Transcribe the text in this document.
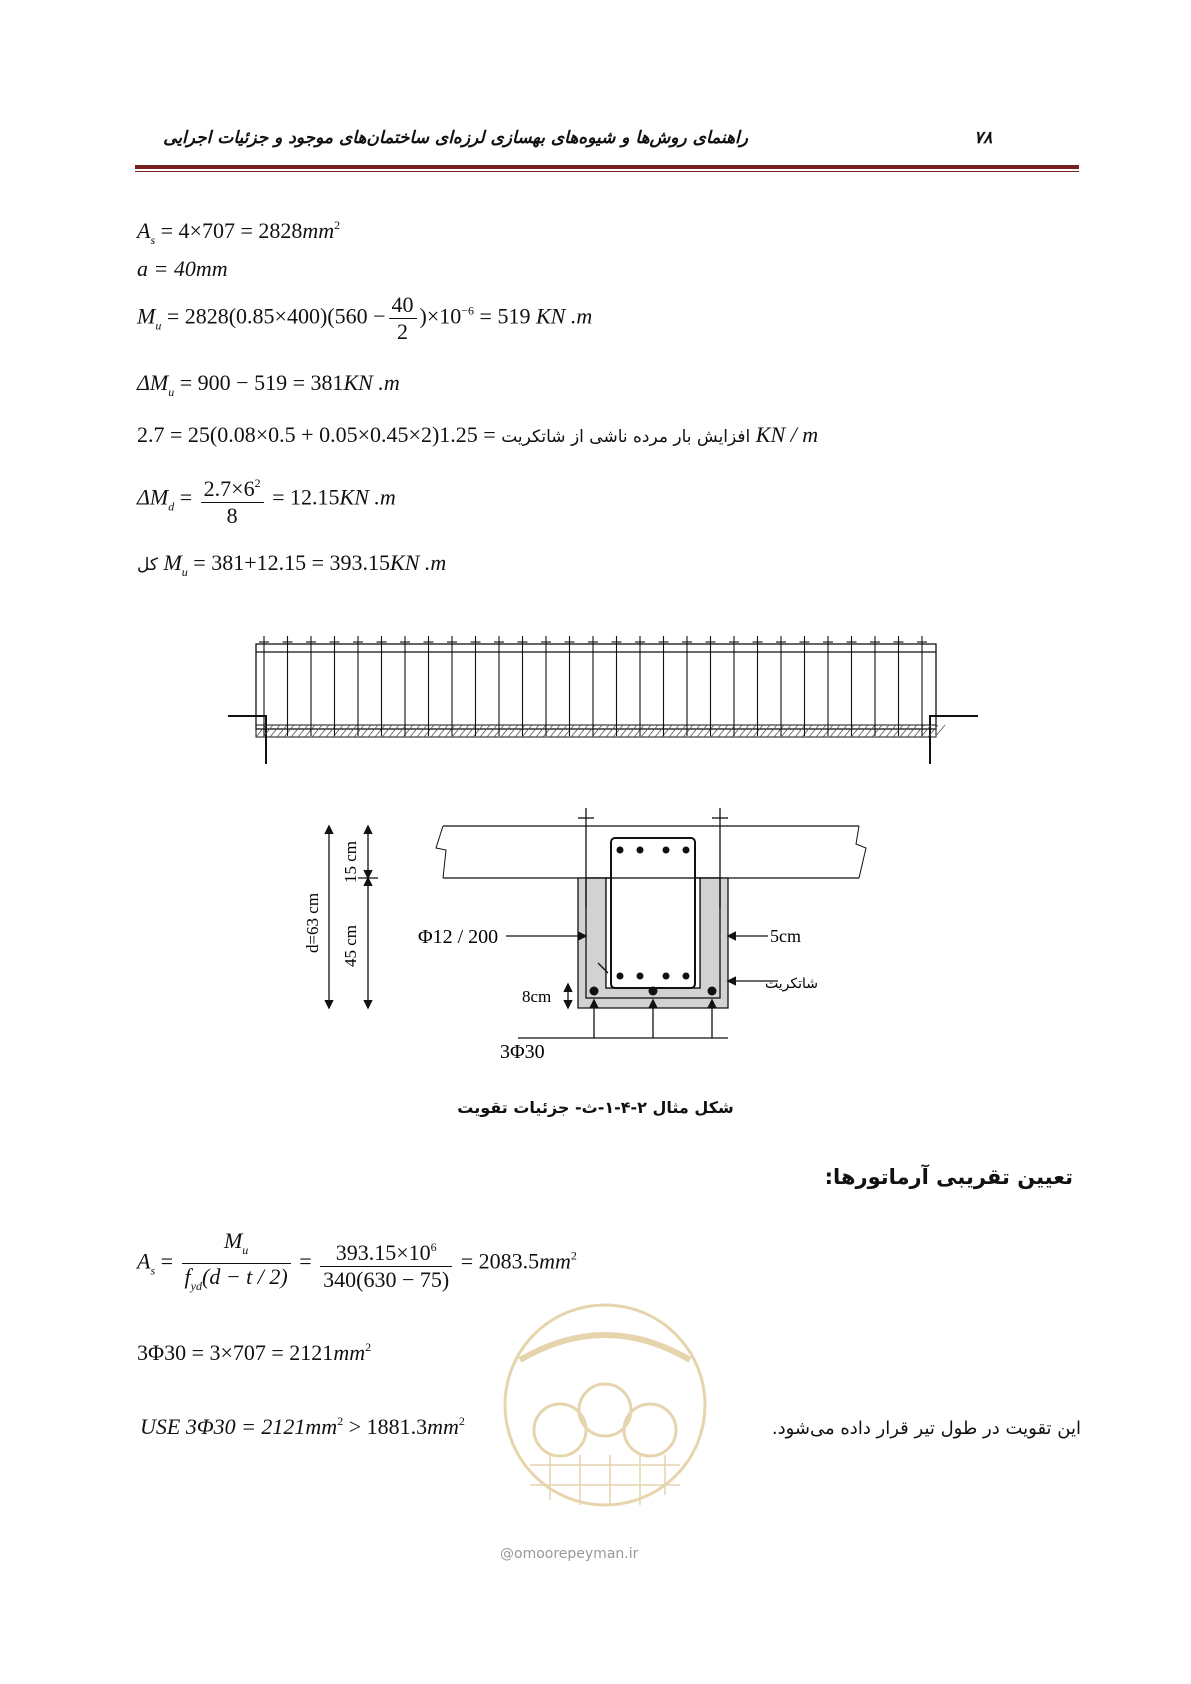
۷۸
راهنمای روش‌ها و شیوه‌های بهسازی لرزه‌ای ساختمان‌های موجود و جزئیات اجرایی
$A_s = 4\times 707 = 2828mm^2$
a = 40mm
$M_u = 2828(0.85\times 400)(560 - \frac{40}{2} )\times 10^{-6} = 519$ KN .m
$\Delta M_u = 900 - 519 = 381KN$ .m
افزایش بار مرده ناشی از شاتکریت = 1.25(2×0.45×0.05 + 0.5×0.08)25 = 2.7	KN / m
$\Delta M_d = \frac{2.7\times 6^2}{8} = 12.15KN$ .m
کل $M_u = 381+12.15 = 393.15KN$ .m
15 cm
45 cm
d=63 cm	Φ12 / 200	5cm
شاتکریت
8cm
3Φ30
شکل مثال ۲-۴-۱-ث- جزئیات تقویت
تعیین تقریبی آرماتورها:
$A_s = \frac{M_u}{f_{yd}(d - t / 2)} = \frac{393.15\times 10^6}{340(630 - 75)} = 2083.5mm^2$
$3\Phi 30 = 3\times 707 = 2121mm^2$
USE $3\Phi 30 = 2121mm^2 > 1881.3mm^2$	این تقویت در طول تیر قرار داده می‌شود.
@omoorepeyman.ir
